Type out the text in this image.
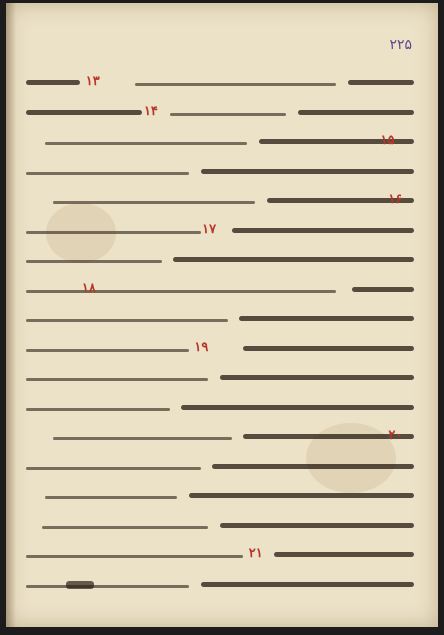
۲۲۵
۱۳
۱۴
۱۵
۱۶
۱۷
۱۸
۱۹
۲۰
۲۱
